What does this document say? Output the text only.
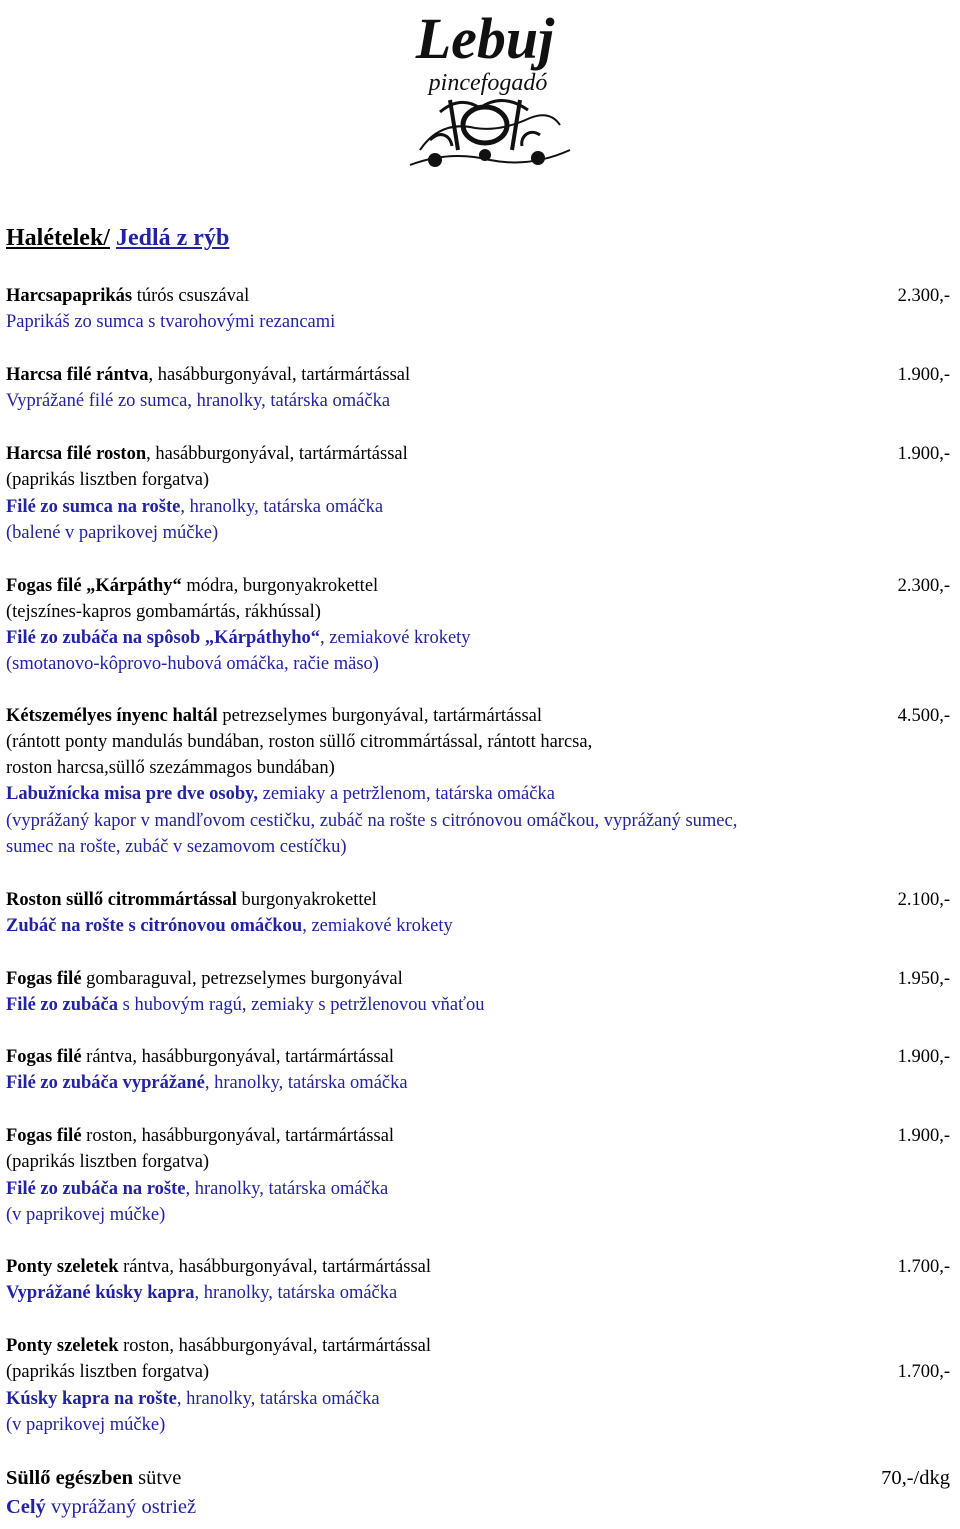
Lebuj
pincefogadó
Halételek/ Jedlá z rýb
Harcsapaprikás túrós csuszával	2.300,-
Paprikáš zo sumca s tvarohovými rezancami
Harcsa filé rántva, hasábburgonyával, tartármártással	1.900,-
Vyprážané filé zo sumca, hranolky, tatárska omáčka
Harcsa filé roston, hasábburgonyával, tartármártással	1.900,-
(paprikás lisztben forgatva)
Filé zo sumca na rošte, hranolky, tatárska omáčka
(balené v paprikovej múčke)
Fogas filé „Kárpáthy“ módra, burgonyakrokettel	2.300,-
(tejszínes-kapros gombamártás, rákhússal)
Filé zo zubáča na spôsob „Kárpáthyho“, zemiakové krokety
(smotanovo-kôprovo-hubová omáčka, račie mäso)
Kétszemélyes ínyenc haltál petrezselymes burgonyával, tartármártással	4.500,-
(rántott ponty mandulás bundában, roston süllő citrommártással, rántott harcsa,
roston harcsa,süllő szezámmagos bundában)
Labužnícka misa pre dve osoby, zemiaky a petržlenom, tatárska omáčka
(vyprážaný kapor v mandľovom cestičku, zubáč na rošte s citrónovou omáčkou, vyprážaný sumec,
sumec na rošte, zubáč v sezamovom cestíčku)
Roston süllő citrommártással burgonyakrokettel	2.100,-
Zubáč na rošte s citrónovou omáčkou, zemiakové krokety
Fogas filé gombaraguval, petrezselymes burgonyával	1.950,-
Filé zo zubáča s hubovým ragú, zemiaky s petržlenovou vňaťou
Fogas filé rántva, hasábburgonyával, tartármártással	1.900,-
Filé zo zubáča vyprážané, hranolky, tatárska omáčka
Fogas filé roston, hasábburgonyával, tartármártással	1.900,-
(paprikás lisztben forgatva)
Filé zo zubáča na rošte, hranolky, tatárska omáčka
(v paprikovej múčke)
Ponty szeletek rántva, hasábburgonyával, tartármártással	1.700,-
Vyprážané kúsky kapra, hranolky, tatárska omáčka
Ponty szeletek roston, hasábburgonyával, tartármártással
(paprikás lisztben forgatva)	1.700,-
Kúsky kapra na rošte, hranolky, tatárska omáčka
(v paprikovej múčke)
Süllő egészben sütve	70,-/dkg
Celý vyprážaný ostriež
